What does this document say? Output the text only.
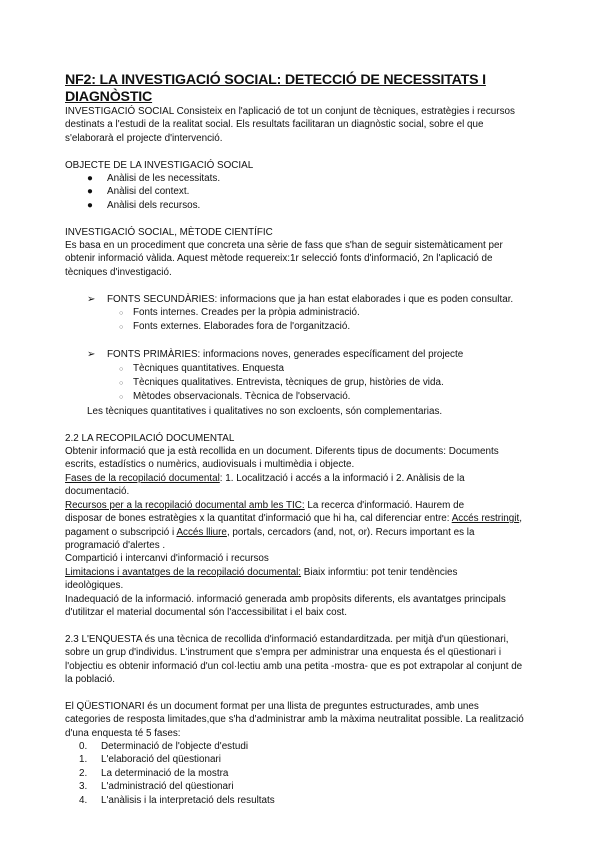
NF2: LA INVESTIGACIÓ SOCIAL: DETECCIÓ DE NECESSITATS I
DIAGNÒSTIC
INVESTIGACIÓ SOCIAL Consisteix en l'aplicació de tot un conjunt de tècniques, estratègies i recursos
destinats a l'estudi de la realitat social. Els resultats facilitaran un diagnòstic social, sobre el que
s'elaborarà el projecte d'intervenció.
OBJECTE DE LA INVESTIGACIÓ SOCIAL
● Anàlisi de les necessitats.
● Anàlisi del context.
● Anàlisi dels recursos.
INVESTIGACIÓ SOCIAL, MÈTODE CIENTÍFIC
Es basa en un procediment que concreta una sèrie de fass que s'han de seguir sistemàticament per
obtenir informació vàlida. Aquest mètode requereix:1r selecció fonts d'informació, 2n l'aplicació de
tècniques d'investigació.
➢ FONTS SECUNDÀRIES: informacions que ja han estat elaborades i que es poden consultar.
○ Fonts internes. Creades per la pròpia administració.
○ Fonts externes. Elaborades fora de l'organització.
➢ FONTS PRIMÀRIES: informacions noves, generades específicament del projecte
○ Tècniques quantitatives. Enquesta
○ Tècniques qualitatives. Entrevista, tècniques de grup, històries de vida.
○ Mètodes observacionals. Tècnica de l'observació.
Les tècniques quantitatives i qualitatives no son excloents, són complementarias.
2.2 LA RECOPILACIÓ DOCUMENTAL
Obtenir informació que ja està recollida en un document. Diferents tipus de documents: Documents
escrits, estadístics o numèrics, audiovisuals i multimèdia i objecte.
Fases de la recopilació documental: 1. Localització i accés a la informació i 2. Anàlisis de la
documentació.
Recursos per a la recopilació documental amb les TIC: La recerca d'informació. Haurem de
disposar de bones estratègies x la quantitat d'informació que hi ha, cal diferenciar entre: Accés restringit,
pagament o subscripció i Accés lliure, portals, cercadors (and, not, or). Recurs important es la
programació d'alertes .
Compartició i intercanvi d'informació i recursos
Limitacions i avantatges de la recopilació documental: Biaix informtiu: pot tenir tendències
ideològiques.
Inadequació de la informació. informació generada amb propòsits diferents, els avantatges principals
d'utilitzar el material documental són l'accessibilitat i el baix cost.
2.3 L'ENQUESTA és una tècnica de recollida d'informació estandarditzada. per mitjà d'un qüestionari,
sobre un grup d'individus. L'instrument que s'empra per administrar una enquesta és el qüestionari i
l'objectiu es obtenir informació d'un col·lectiu amb una petita -mostra- que es pot extrapolar al conjunt de
la població.
El QÜESTIONARI és un document format per una llista de preguntes estructurades, amb unes
categories de resposta limitades,que s'ha d'administrar amb la màxima neutralitat possible. La realització
d'una enquesta té 5 fases:
0. Determinació de l'objecte d'estudi
1. L'elaboració del qüestionari
2. La determinació de la mostra
3. L'administració del qüestionari
4. L'anàlisis i la interpretació dels resultats
